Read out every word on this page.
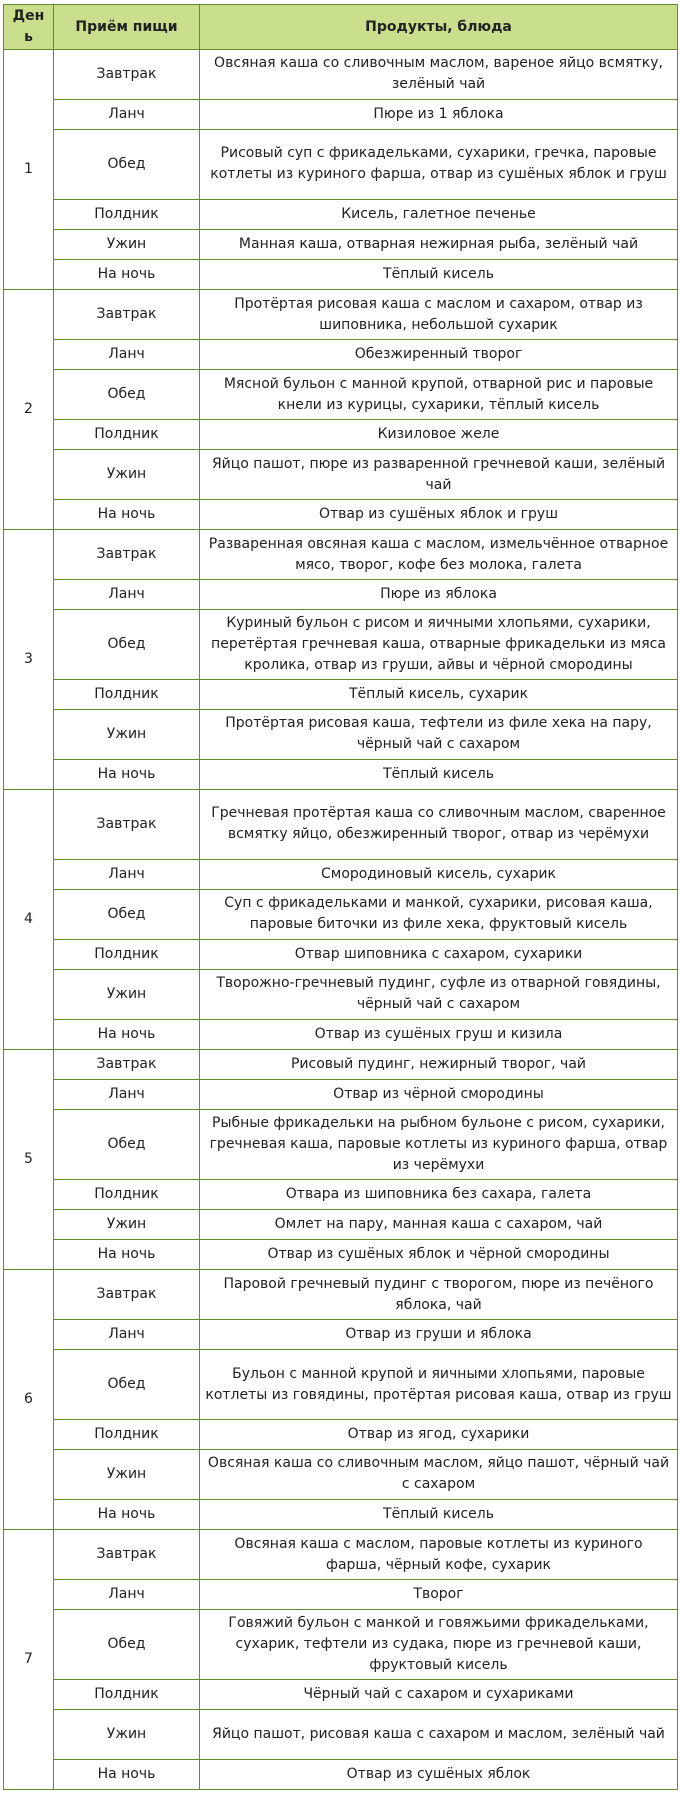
День	Приём пищи	Продукты, блюда
1	Завтрак	Овсяная каша со сливочным маслом, вареное яйцо всмятку, зелёный чай
	Ланч	Пюре из 1 яблока
	Обед	Рисовый суп с фрикадельками, сухарики, гречка, паровые котлеты из куриного фарша, отвар из сушёных яблок и груш
	Полдник	Кисель, галетное печенье
	Ужин	Манная каша, отварная нежирная рыба, зелёный чай
	На ночь	Тёплый кисель
2	Завтрак	Протёртая рисовая каша с маслом и сахаром, отвар из шиповника, небольшой сухарик
	Ланч	Обезжиренный творог
	Обед	Мясной бульон с манной крупой, отварной рис и паровые кнели из курицы, сухарики, тёплый кисель
	Полдник	Кизиловое желе
	Ужин	Яйцо пашот, пюре из разваренной гречневой каши, зелёный чай
	На ночь	Отвар из сушёных яблок и груш
3	Завтрак	Разваренная овсяная каша с маслом, измельчённое отварное мясо, творог, кофе без молока, галета
	Ланч	Пюре из яблока
	Обед	Куриный бульон с рисом и яичными хлопьями, сухарики, перетёртая гречневая каша, отварные фрикадельки из мяса кролика, отвар из груши, айвы и чёрной смородины
	Полдник	Тёплый кисель, сухарик
	Ужин	Протёртая рисовая каша, тефтели из филе хека на пару, чёрный чай с сахаром
	На ночь	Тёплый кисель
4	Завтрак	Гречневая протёртая каша со сливочным маслом, сваренное всмятку яйцо, обезжиренный творог, отвар из черёмухи
	Ланч	Смородиновый кисель, сухарик
	Обед	Суп с фрикадельками и манкой, сухарики, рисовая каша, паровые биточки из филе хека, фруктовый кисель
	Полдник	Отвар шиповника с сахаром, сухарики
	Ужин	Творожно-гречневый пудинг, суфле из отварной говядины, чёрный чай с сахаром
	На ночь	Отвар из сушёных груш и кизила
5	Завтрак	Рисовый пудинг, нежирный творог, чай
	Ланч	Отвар из чёрной смородины
	Обед	Рыбные фрикадельки на рыбном бульоне с рисом, сухарики, гречневая каша, паровые котлеты из куриного фарша, отвар из черёмухи
	Полдник	Отвара из шиповника без сахара, галета
	Ужин	Омлет на пару, манная каша с сахаром, чай
	На ночь	Отвар из сушёных яблок и чёрной смородины
6	Завтрак	Паровой гречневый пудинг с творогом, пюре из печёного яблока, чай
	Ланч	Отвар из груши и яблока
	Обед	Бульон с манной крупой и яичными хлопьями, паровые котлеты из говядины, протёртая рисовая каша, отвар из груш
	Полдник	Отвар из ягод, сухарики
	Ужин	Овсяная каша со сливочным маслом, яйцо пашот, чёрный чай с сахаром
	На ночь	Тёплый кисель
7	Завтрак	Овсяная каша с маслом, паровые котлеты из куриного фарша, чёрный кофе, сухарик
	Ланч	Творог
	Обед	Говяжий бульон с манкой и говяжьими фрикадельками, сухарик, тефтели из судака, пюре из гречневой каши, фруктовый кисель
	Полдник	Чёрный чай с сахаром и сухариками
	Ужин	Яйцо пашот, рисовая каша с сахаром и маслом, зелёный чай
	На ночь	Отвар из сушёных яблок
